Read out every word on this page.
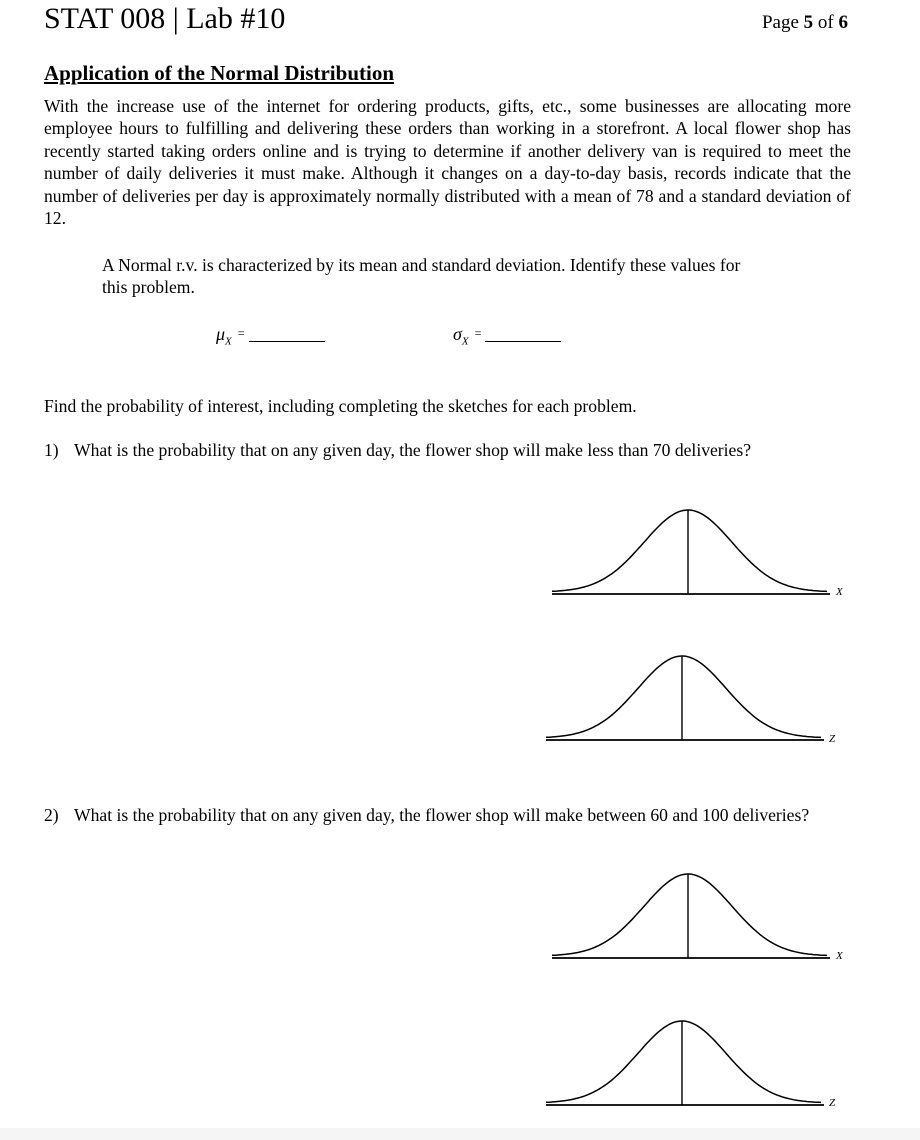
STAT 008 | Lab #10	Page 5 of 6
Application of the Normal Distribution
With the increase use of the internet for ordering products, gifts, etc., some businesses are allocating more employee hours to fulfilling and delivering these orders than working in a storefront. A local flower shop has recently started taking orders online and is trying to determine if another delivery van is required to meet the number of daily deliveries it must make. Although it changes on a day-to-day basis, records indicate that the number of deliveries per day is approximately normally distributed with a mean of 78 and a standard deviation of 12.
A Normal r.v. is characterized by its mean and standard deviation. Identify these values for this problem.
$\mu_X=$	$\sigma_X=$
Find the probability of interest, including completing the sketches for each problem.
1) What is the probability that on any given day, the flower shop will make less than 70 deliveries?
2) What is the probability that on any given day, the flower shop will make between 60 and 100 deliveries?
X
Z
X
Z
